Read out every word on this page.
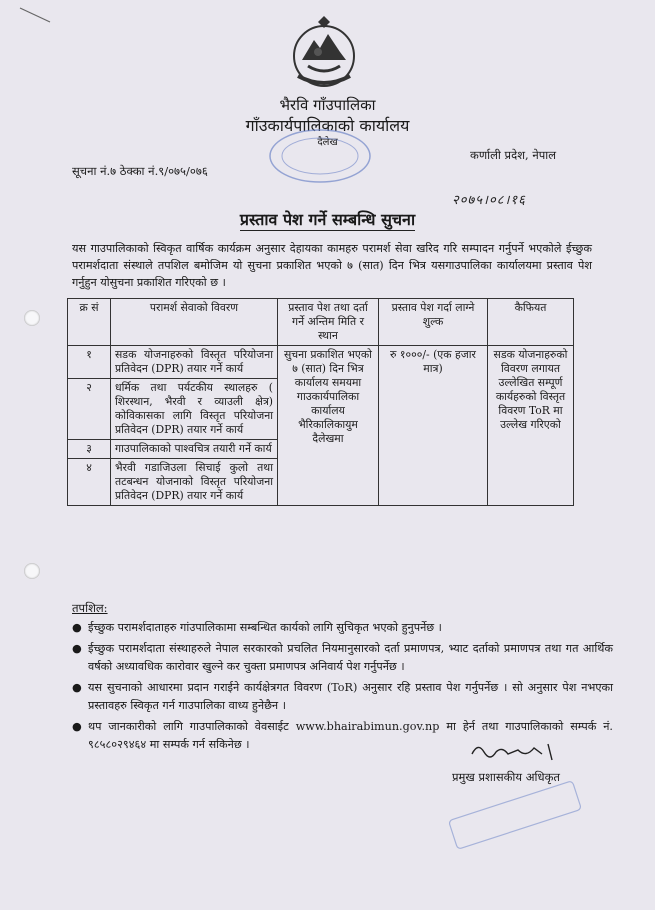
भैरवि गाँउपालिका
गाँउकार्यपालिकाको कार्यालय
दैलेख
कर्णाली प्रदेश, नेपाल
सूचना नं.७ ठेक्का नं.९/०७५/०७६
२०७५।०८।१६
प्रस्ताव पेश गर्ने सम्बन्धि सुचना
यस गाउपालिकाको स्विकृत वार्षिक कार्यक्रम अनुसार देहायका कामहरु परामर्श सेवा खरिद गरि सम्पादन गर्नुपर्ने भएकोले ईच्छुक परामर्शदाता संस्थाले तपशिल बमोजिम यो सुचना प्रकाशित भएको ७ (सात) दिन भित्र यसगाउपालिका कार्यालयमा प्रस्ताव पेश गर्नुहुन योसुचना प्रकाशित गरिएको छ ।
क्र सं	परामर्श सेवाको विवरण	प्रस्ताव पेश तथा दर्ता गर्ने अन्तिम मिति र स्थान	प्रस्ताव पेश गर्दा लाग्ने शुल्क	कैफियत
१	सडक योजनाहरुको विस्तृत परियोजना प्रतिवेदन (DPR) तयार गर्ने कार्य	सुचना प्रकाशित भएको ७ (सात) दिन भित्र कार्यालय समयमा गाउकार्यपालिका कार्यालय भैरिकालिकायुम दैलेखमा	रु १०००/- (एक हजार मात्र)	सडक योजनाहरुको विवरण लगायत उल्लेखित सम्पूर्ण कार्यहरुको विस्तृत विवरण ToR मा उल्लेख गरिएको
२	धर्मिक तथा पर्यटकीय स्थालहरु ( शिरस्थान, भैरवी र व्याउली क्षेत्र) कोविकासका लागि विस्तृत परियोजना प्रतिवेदन (DPR) तयार गर्ने कार्य			
३	गाउपालिकाको पाश्वचित्र तयारी गर्ने कार्य			
४	भैरवी गडाजिउला सिचाई कुलो तथा तटबन्धन योजनाको विस्तृत परियोजना प्रतिवेदन (DPR) तयार गर्ने कार्य			
तपशिल:
● ईच्छुक परामर्शदाताहरु गांउपालिकामा सम्बन्धित कार्यको लागि सुचिकृत भएको हुनुपर्नेछ ।
● ईच्छुक परामर्शदाता संस्थाहरुले नेपाल सरकारको प्रचलित नियमानुसारको दर्ता प्रमाणपत्र, भ्याट दर्ताको प्रमाणपत्र तथा गत आर्थिक वर्षको अध्यावधिक कारोवार खुल्ने कर चुक्ता प्रमाणपत्र अनिवार्य पेश गर्नुपर्नेछ ।
● यस सुचनाको आधारमा प्रदान गराईने कार्यक्षेत्रगत विवरण (ToR) अनुसार रहि प्रस्ताव पेश गर्नुपर्नेछ । सो अनुसार पेश नभएका प्रस्तावहरु स्विकृत गर्न गाउपालिका वाध्य हुनेछैन ।
● थप जानकारीको लागि गाउपालिकाको वेवसाईट www.bhairabimun.gov.np मा हेर्न तथा गाउपालिकाको सम्पर्क नं. ९८५८०२९४६४ मा सम्पर्क गर्न सकिनेछ ।
प्रमुख प्रशासकीय अधिकृत
